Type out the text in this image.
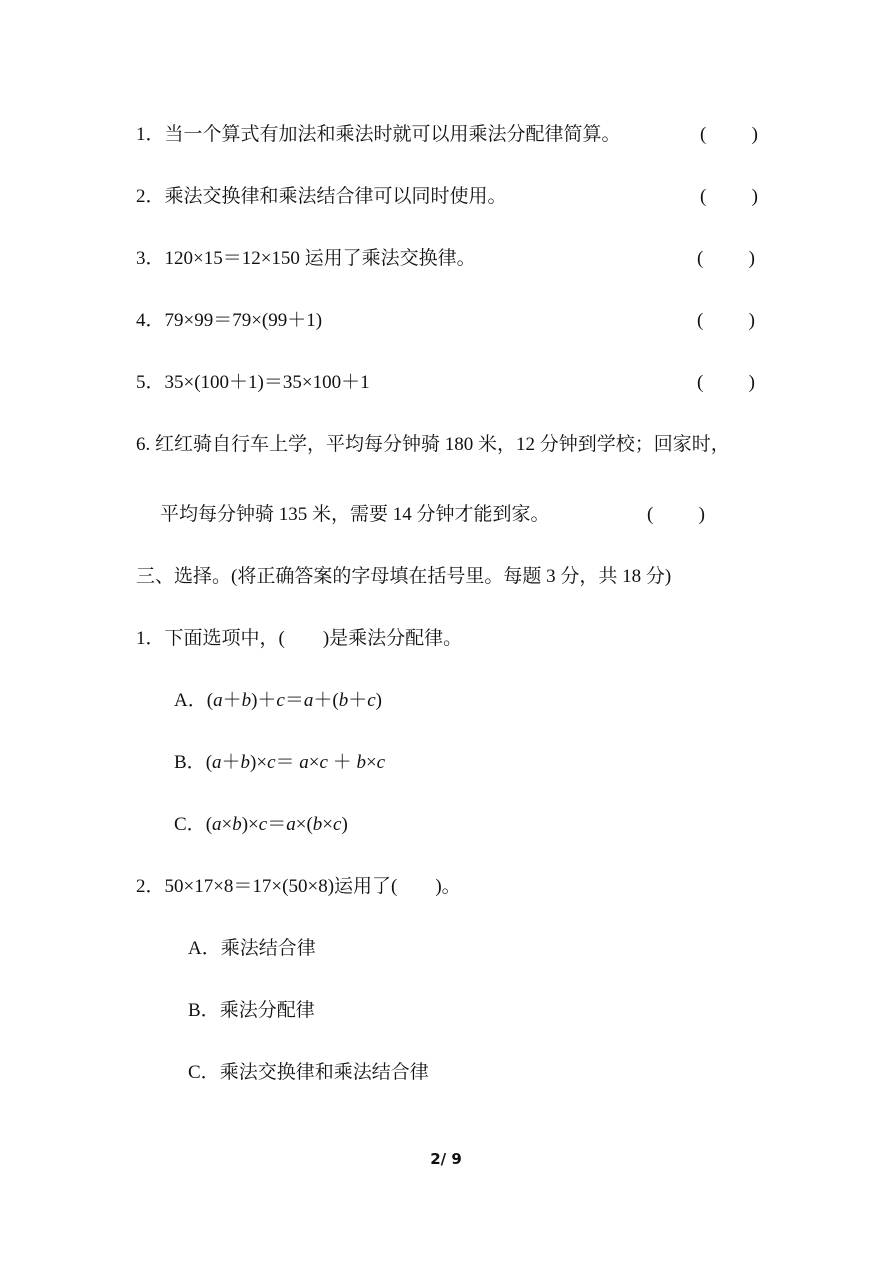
1．当一个算式有加法和乘法时就可以用乘法分配律简算。	( )
2．乘法交换律和乘法结合律可以同时使用。	( )
3．120×15＝12×150 运用了乘法交换律。	( )
4．79×99＝79×(99＋1)	( )
5．35×(100＋1)＝35×100＋1	( )
6. 红红骑自行车上学，平均每分钟骑 180 米，12 分钟到学校；回家时，
平均每分钟骑 135 米，需要 14 分钟才能到家。	( )
三、选择。(将正确答案的字母填在括号里。每题 3 分，共 18 分)
1．下面选项中，( )是乘法分配律。
A．(a＋b)＋c＝a＋(b＋c)
B．(a＋b)×c＝ a×c ＋ b×c
C．(a×b)×c＝a×(b×c)
2．50×17×8＝17×(50×8)运用了( )。
A．乘法结合律
B．乘法分配律
C．乘法交换律和乘法结合律
2/ 9
